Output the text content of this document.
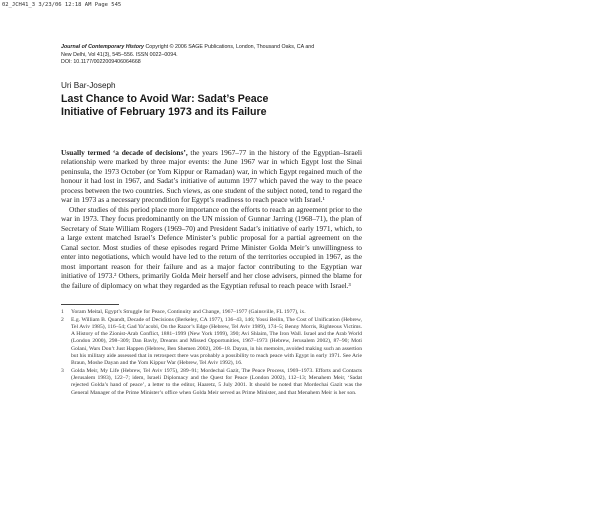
02_JCH41_3 3/23/06 12:18 AM Page 545
Journal of Contemporary History Copyright © 2006 SAGE Publications, London, Thousand Oaks, CA and
New Delhi, Vol 41(3), 545–556. ISSN 0022–0094.
DOI: 10.1177/0022009406064668
Uri Bar-Joseph
Last Chance to Avoid War: Sadat’s Peace
Initiative of February 1973 and its Failure

Usually termed ‘a decade of decisions’, the years 1967–77 in the history of the Egyptian–Israeli relationship were marked by three major events: the June 1967 war in which Egypt lost the Sinai peninsula, the 1973 October (or Yom Kippur or Ramadan) war, in which Egypt regained much of the honour it had lost in 1967, and Sadat’s initiative of autumn 1977 which paved the way to the peace process between the two countries. Such views, as one student of the subject noted, tend to regard the war in 1973 as a necessary precondition for Egypt’s readiness to reach peace with Israel.¹

Other studies of this period place more importance on the efforts to reach an agreement prior to the war in 1973. They focus predominantly on the UN mission of Gunnar Jarring (1968–71), the plan of Secretary of State William Rogers (1969–70) and President Sadat’s initiative of early 1971, which, to a large extent matched Israel’s Defence Minister’s public proposal for a partial agreement on the Canal sector. Most studies of these episodes regard Prime Minister Golda Meir’s unwillingness to enter into negotiations, which would have led to the return of the territories occupied in 1967, as the most important reason for their failure and as a major factor contributing to the Egyptian war initiative of 1973.² Others, primarily Golda Meir herself and her close advisers, pinned the blame for the failure of diplomacy on what they regarded as the Egyptian refusal to reach peace with Israel.³

1 Yoram Meital, Egypt’s Struggle for Peace, Continuity and Change, 1967–1977 (Gainsville, FL 1977), ix.

2 E.g. William B. Quandt, Decade of Decisions (Berkeley, CA 1977), 136–43, 146; Yossi Beilin, The Cost of Unification (Hebrew, Tel Aviv 1985), 116–54; Gad Ya’acobi, On the Razor’s Edge (Hebrew, Tel Aviv 1989), 174–5; Benny Morris, Righteous Victims. A History of the Zionist-Arab Conflict, 1881–1999 (New York 1999), 390; Avi Shlaim, The Iron Wall. Israel and the Arab World (London 2000), 298–309; Dan Bavly, Dreams and Missed Opportunities, 1967–1973 (Hebrew, Jerusalem 2002), 87–90; Moti Golani, Wars Don’t Just Happen (Hebrew, Ben Shemen 2002), 206–18. Dayan, in his memoirs, avoided making such an assertion but his military aide assessed that in retrospect there was probably a possibility to reach peace with Egypt in early 1971. See Arie Braun, Moshe Dayan and the Yom Kippur War (Hebrew, Tel Aviv 1992), 16.

3 Golda Meir, My Life (Hebrew, Tel Aviv 1975), 289–91; Mordechai Gazit, The Peace Process, 1969–1973. Efforts and Contacts (Jerusalem 1983), 122–7; idem, Israeli Diplomacy and the Quest for Peace (London 2002), 112–13; Menahem Meir, ‘Sadat rejected Golda’s hand of peace’, a letter to the editor, Haaretz, 5 July 2001. It should be noted that Mordechai Gazit was the General Manager of the Prime Minister’s office when Golda Meir served as Prime Minister, and that Menahem Meir is her son.
